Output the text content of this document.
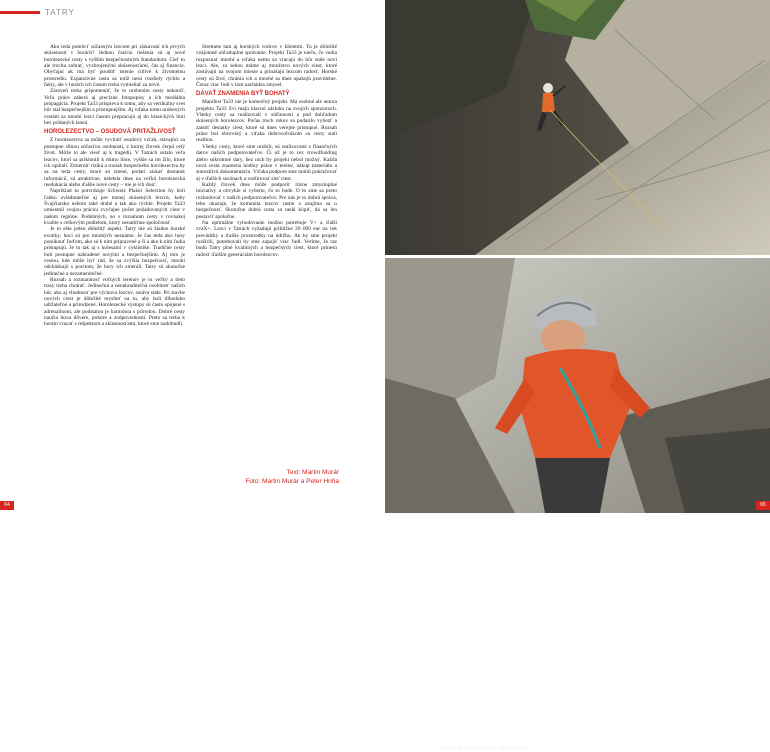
TATRY

Ako teda pomôcť súčasným lezcom pri získavaní ich prvých skúseností v horách? Jednou časťou riešenia sú aj nové horolezecké cesty s vyšším bezpečnostným štandardom. Cieľ to ale trochu zobrať, vyzbrojenými skúsenosťami, čas aj financie. Obyčajní ak má byť pouštit' istenie citlivé k životnému prostrediu. Expanzívne rastu sa totiž nesú rozdiely rýchlo a fakty, ale v horách ich časom treba vymieňať za nové.

Zároveň treba pripomenúť, že to urobením cesty nekončí. Veľa práce zaberá aj precízne fotopopisy a ich mediálna propagácia. Projekt Ta33 prispieva k tomu, aby sa vertikálny svet hôr stal bezpečnejším a prístupnejším. Aj vďaka tomu urobených cestám sa mnohí lezci časom prepracujú aj do klasických línií bez pridaných istení.

HOROLEZECTVO – OSUDOVÁ PRITAŽLIVOSŤ

Z horolezectva sa môže vyvinúť osudový vzťah, stávajúci sa postupne silnou súčasťou osobnosti, z ktorej človek čerpá celý život. Môže to ale viesť aj k tragédii. V Tatrách ostalo veľa lezcov, ktorí sa priklonili k mimo línie, vyššie sa im žilo, ktoré ich upútali. Zmierniť riziká a rozsah bezpečného horolezectva by sa na teda cesty, ktoré sú istené, podarí získať dostatok informácií, sú atraktívne, neletela dnes na veľkú horolezecká reedukácia alebo ďalšie nové cesty – nie je ich dosť.

Napríklad to potvrdzuje Schweiz Plaisir Selection by boli ľahko zvládnuteľné aj pre menej skúsených lezcov, keby Švajčiarsko nebolo také drahé a tak ako rýchle. Projekt Ta33 umiestnil svojou prácou zvyčajne počet požadovaných ciest v našom regióne. Podobných, no s rozsahom cesty v rovnakej kvalite s celkovým podielom, ktorý nenadchne spoločnosť.

Je to ešte jeden dôležitý aspekt. Tatry nie sú žiadne horské exotiky, hoci sú pre mnohých neznáme. Je čas teda ako hory ponúknuť ľuďom, ako sú k nim pripravené a či a ako k nim ľudia pristupujú. Je to tak aj s kolesami v cyklistike. Tradičné cesty boli postupne nahradené novými a bezpečnejšími. Aj toto je cestou, kde môže byť rád, že sa zvýšila bezpečnosť, mnohí odchádzajú s pocitom, že hory ich zmenili. Tatry sú skutočne jedinečné a nezameniteľné.

Rozsah a rozmanitosť voľných terénov je tu veľký a tieto trasy treba chrániť. Jedinečná a nenahraditeľná osobitosť našich hôr, ako aj vhodnosť pre výchovu lezcov, ostáva stále. Pri stavbe nových ciest je dôležité myslieť na to, aby boli dlhodobo udržateľné a prirodzené. Horolezecké výstupy sú často spojené s adrenalínom, ale podstatou je harmónia s prírodou. Dobré cesty naučia lezca dôvere, pokore a zodpovednosti. Preto sa treba k horám vracať s rešpektom a skúsenosťami, ktoré sme nadobudli.

Stretnete tam aj horských vodcov v klientmi. Tu je dôležité vzájomné ohľaduplné správanie. Projekt Ta33 je niečo, čo vedia rozpoznať mnohí a vďaka nemu sa vracajú do hôr stále noví lezci. Ale, za sebou máme aj množstvo nových ciest, ktoré zostávajú na svojom mieste a prinášajú lezcom radosť. Horské cesty sú živé, chránia ich a mnohé sa dnes opakujú pravidelne. Čoraz viac ľudí v tom nachádza zmysel.

DÁVAŤ ZNAMENIA BYŤ BOHATÝ

Manifest Ta33 nie je komerčný projekt. Má osobné ale autora projektu Ta33 Zvi majú hlavnú zásluhu na svojich sponzoroch. Všetky cesty sa realizovali v súčinnosti a pod dohľadom skúsených horolezcov. Počas troch rokov sa podarilo vyliezť a zaistiť desiatky ciest, ktoré sú dnes verejne prístupné. Rozsah práce bol obrovský a vďaka dobrovoľníkom sa cesty stali realitou.

Všetky cesty, ktoré sme urobili, sú realizované z finančných darov našich podporovateľov. Či už je to cez crowdfunding alebo súkromné dary, bez nich by projekt nebol možný. Každá nová cesta znamená hodiny práce v teréne, nákup materiálu a starostlivú dokumentáciu. Vďaka podpore sme mohli pokračovať aj v ďalších sezónach a rozširovať sieť ciest.

Každý človek dnes môže podporiť rôzne zmysluplné iniciatívy a obvykle si vyberie, čo to bude. O to sme sa preto rozhodovať v našich podporovateľov. Pre nás je to dobrá správa, lebo ukazuje, že komunita lezcov rastie a zaujíma sa o bezpečnosť. Skutočne dobrá cesta sa nedá kúpiť, dá sa len postaviť spoločne.

Na optimálne vybudovanie možno potrebuje V+ a ďalší zvaX+. Lezci v Tatrách vyžadujú približne 20 000 eur na rok prevádzky a ďalšie prostriedky na údržbu. Ak by sme projekt rozšírili, potrebovali by sme zapojiť viac ľudí. Veríme, že raz budú Tatry plné kvalitných a bezpečných ciest, ktoré prinesú radosť ďalším generáciám horolezcov.

Text: Martin Murár
Foto: Martin Murár a Peter Hriňa
64
Lezenie na Ľadovom štíte – Wood Pecker
65
